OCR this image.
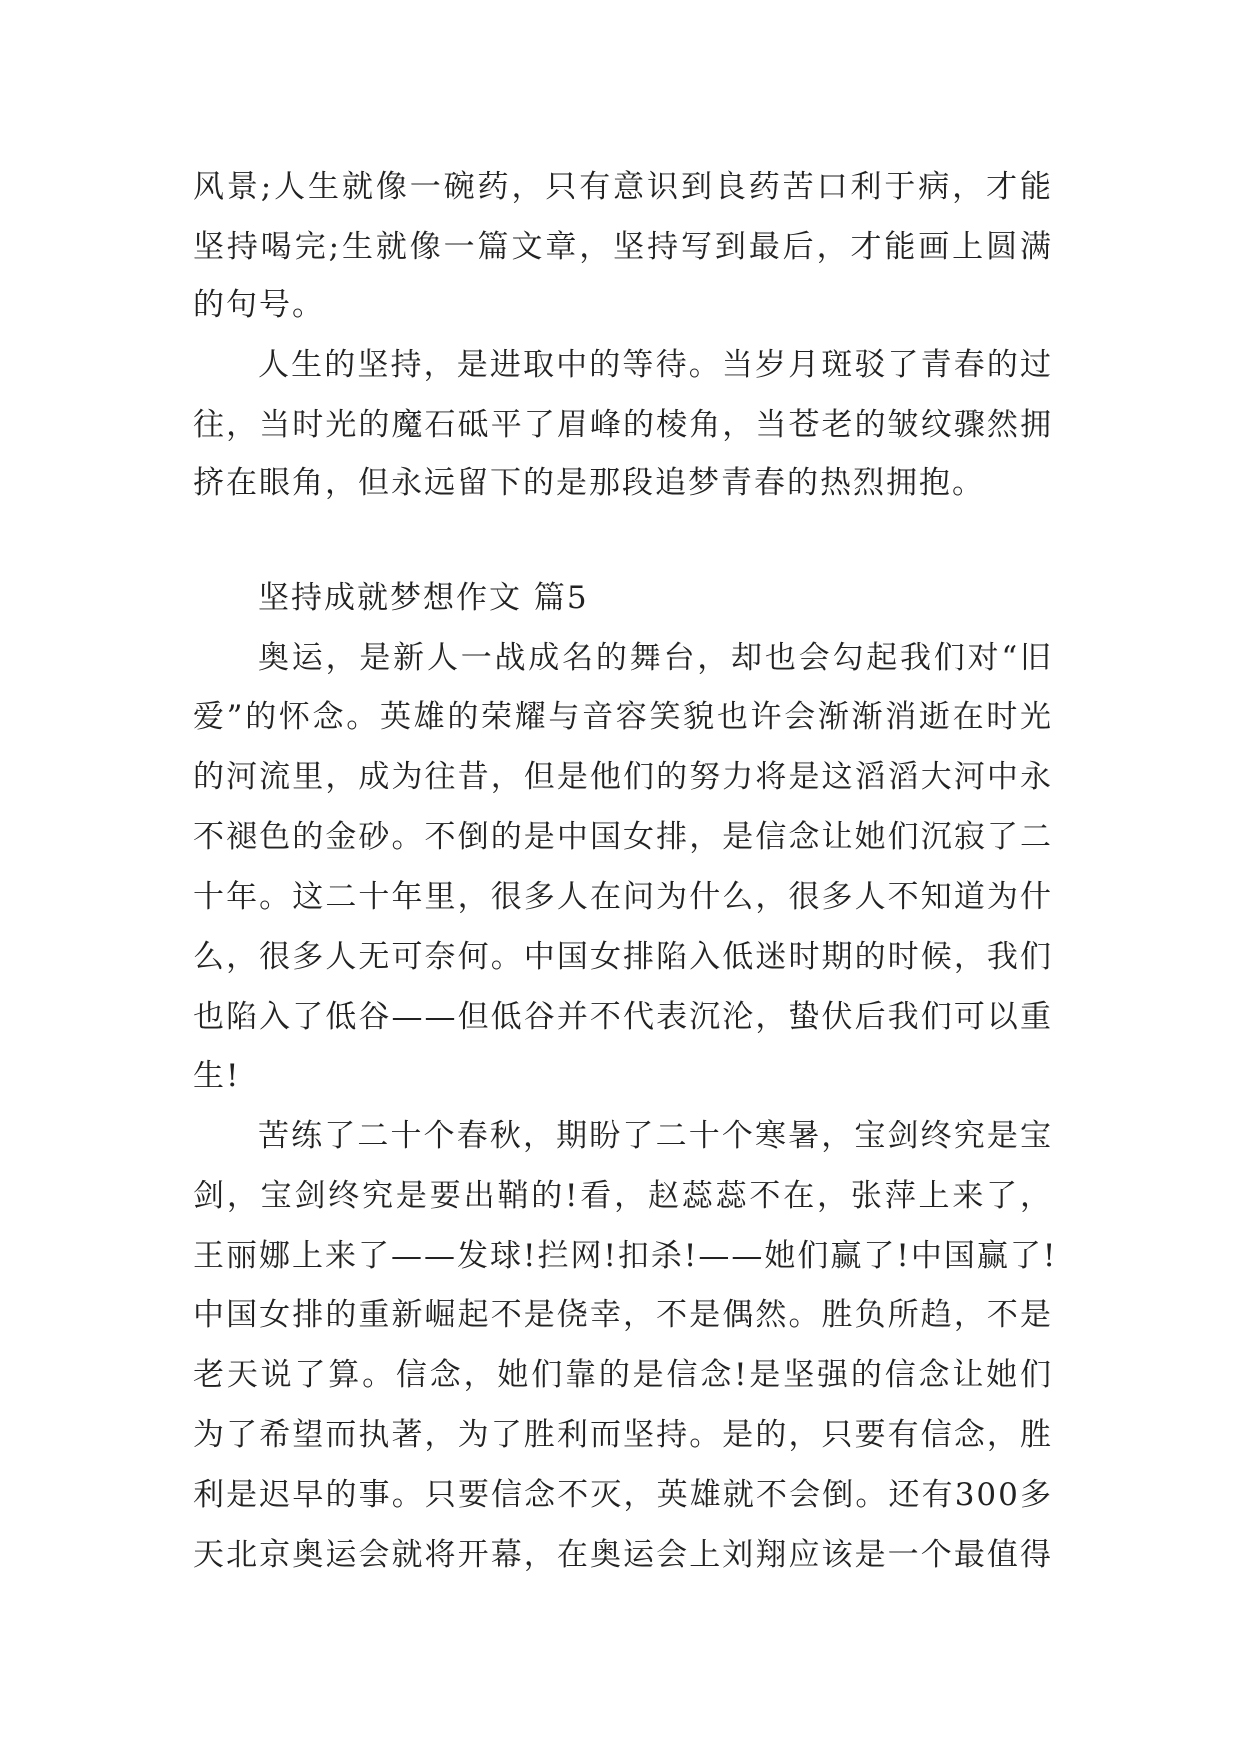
风景;人生就像一碗药，只有意识到良药苦口利于病，才能
坚持喝完;生就像一篇文章，坚持写到最后，才能画上圆满
的句号。
人生的坚持，是进取中的等待。当岁月斑驳了青春的过
往，当时光的魔石砥平了眉峰的棱角，当苍老的皱纹骤然拥
挤在眼角，但永远留下的是那段追梦青春的热烈拥抱。
坚持成就梦想作文 篇5
奥运，是新人一战成名的舞台，却也会勾起我们对“旧
爱”的怀念。英雄的荣耀与音容笑貌也许会渐渐消逝在时光
的河流里，成为往昔，但是他们的努力将是这滔滔大河中永
不褪色的金砂。不倒的是中国女排，是信念让她们沉寂了二
十年。这二十年里，很多人在问为什么，很多人不知道为什
么，很多人无可奈何。中国女排陷入低迷时期的时候，我们
也陷入了低谷——但低谷并不代表沉沦，蛰伏后我们可以重
生!
苦练了二十个春秋，期盼了二十个寒暑，宝剑终究是宝
剑，宝剑终究是要出鞘的!看，赵蕊蕊不在，张萍上来了，
王丽娜上来了——发球!拦网!扣杀!——她们赢了!中国赢了!
中国女排的重新崛起不是侥幸，不是偶然。胜负所趋，不是
老天说了算。信念，她们靠的是信念!是坚强的信念让她们
为了希望而执著，为了胜利而坚持。是的，只要有信念，胜
利是迟早的事。只要信念不灭，英雄就不会倒。还有300多
天北京奥运会就将开幕，在奥运会上刘翔应该是一个最值得
